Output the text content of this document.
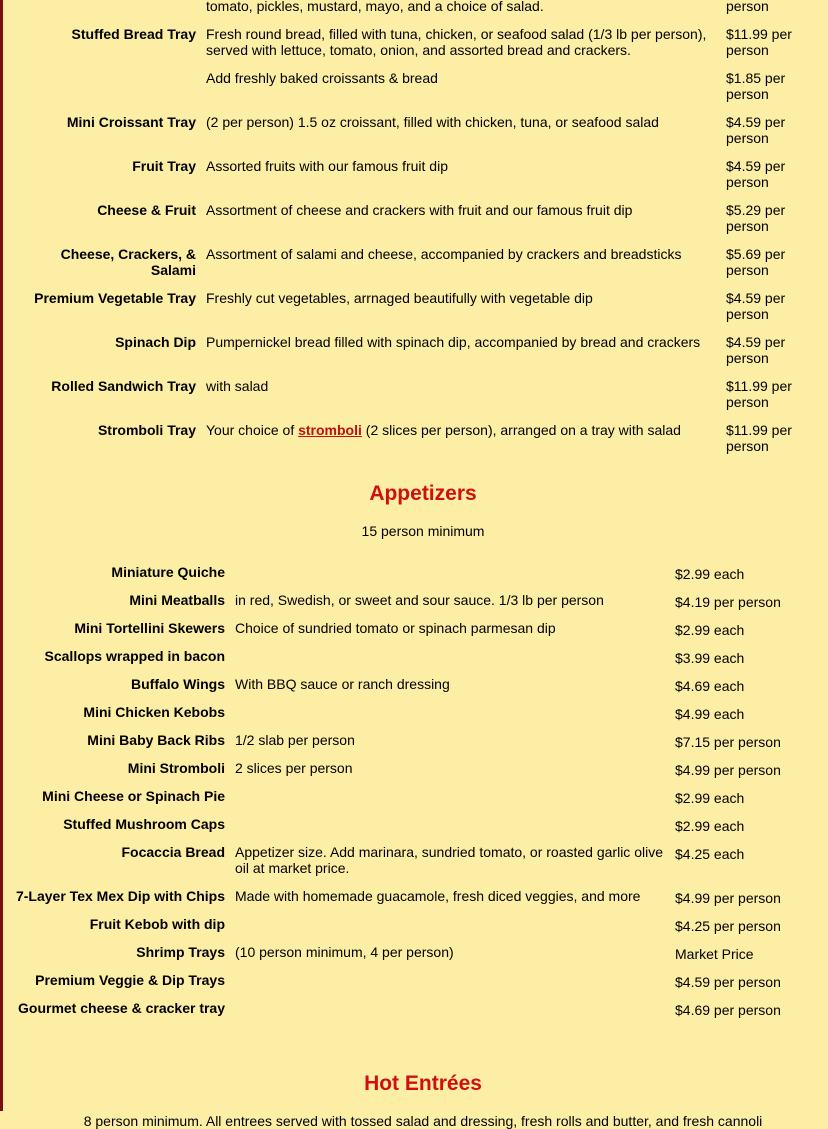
	tomato, pickles, mustard, mayo, and a choice of salad.	person
Stuffed Bread Tray	Fresh round bread, filled with tuna, chicken, or seafood salad (1/3 lb per person), served with lettuce, tomato, onion, and assorted bread and crackers.	$11.99 per person
	Add freshly baked croissants & bread	$1.85 per person
Mini Croissant Tray	(2 per person) 1.5 oz croissant, filled with chicken, tuna, or seafood salad	$4.59 per person
Fruit Tray	Assorted fruits with our famous fruit dip	$4.59 per person
Cheese & Fruit	Assortment of cheese and crackers with fruit and our famous fruit dip	$5.29 per person
Cheese, Crackers, & Salami	Assortment of salami and cheese, accompanied by crackers and breadsticks	$5.69 per person
Premium Vegetable Tray	Freshly cut vegetables, arrnaged beautifully with vegetable dip	$4.59 per person
Spinach Dip	Pumpernickel bread filled with spinach dip, accompanied by bread and crackers	$4.59 per person
Rolled Sandwich Tray	with salad	$11.99 per person
Stromboli Tray	Your choice of stromboli (2 slices per person), arranged on a tray with salad	$11.99 per person
Appetizers
15 person minimum
Miniature Quiche		$2.99 each
Mini Meatballs	in red, Swedish, or sweet and sour sauce. 1/3 lb per person	$4.19 per person
Mini Tortellini Skewers	Choice of sundried tomato or spinach parmesan dip	$2.99 each
Scallops wrapped in bacon		$3.99 each
Buffalo Wings	With BBQ sauce or ranch dressing	$4.69 each
Mini Chicken Kebobs		$4.99 each
Mini Baby Back Ribs	1/2 slab per person	$7.15 per person
Mini Stromboli	2 slices per person	$4.99 per person
Mini Cheese or Spinach Pie		$2.99 each
Stuffed Mushroom Caps		$2.99 each
Focaccia Bread	Appetizer size. Add marinara, sundried tomato, or roasted garlic olive oil at market price.	$4.25 each
7-Layer Tex Mex Dip with Chips	Made with homemade guacamole, fresh diced veggies, and more	$4.99 per person
Fruit Kebob with dip		$4.25 per person
Shrimp Trays	(10 person minimum, 4 per person)	Market Price
Premium Veggie & Dip Trays		$4.59 per person
Gourmet cheese & cracker tray		$4.69 per person
Hot Entrées
8 person minimum. All entrees served with tossed salad and dressing, fresh rolls and butter, and fresh cannoli
